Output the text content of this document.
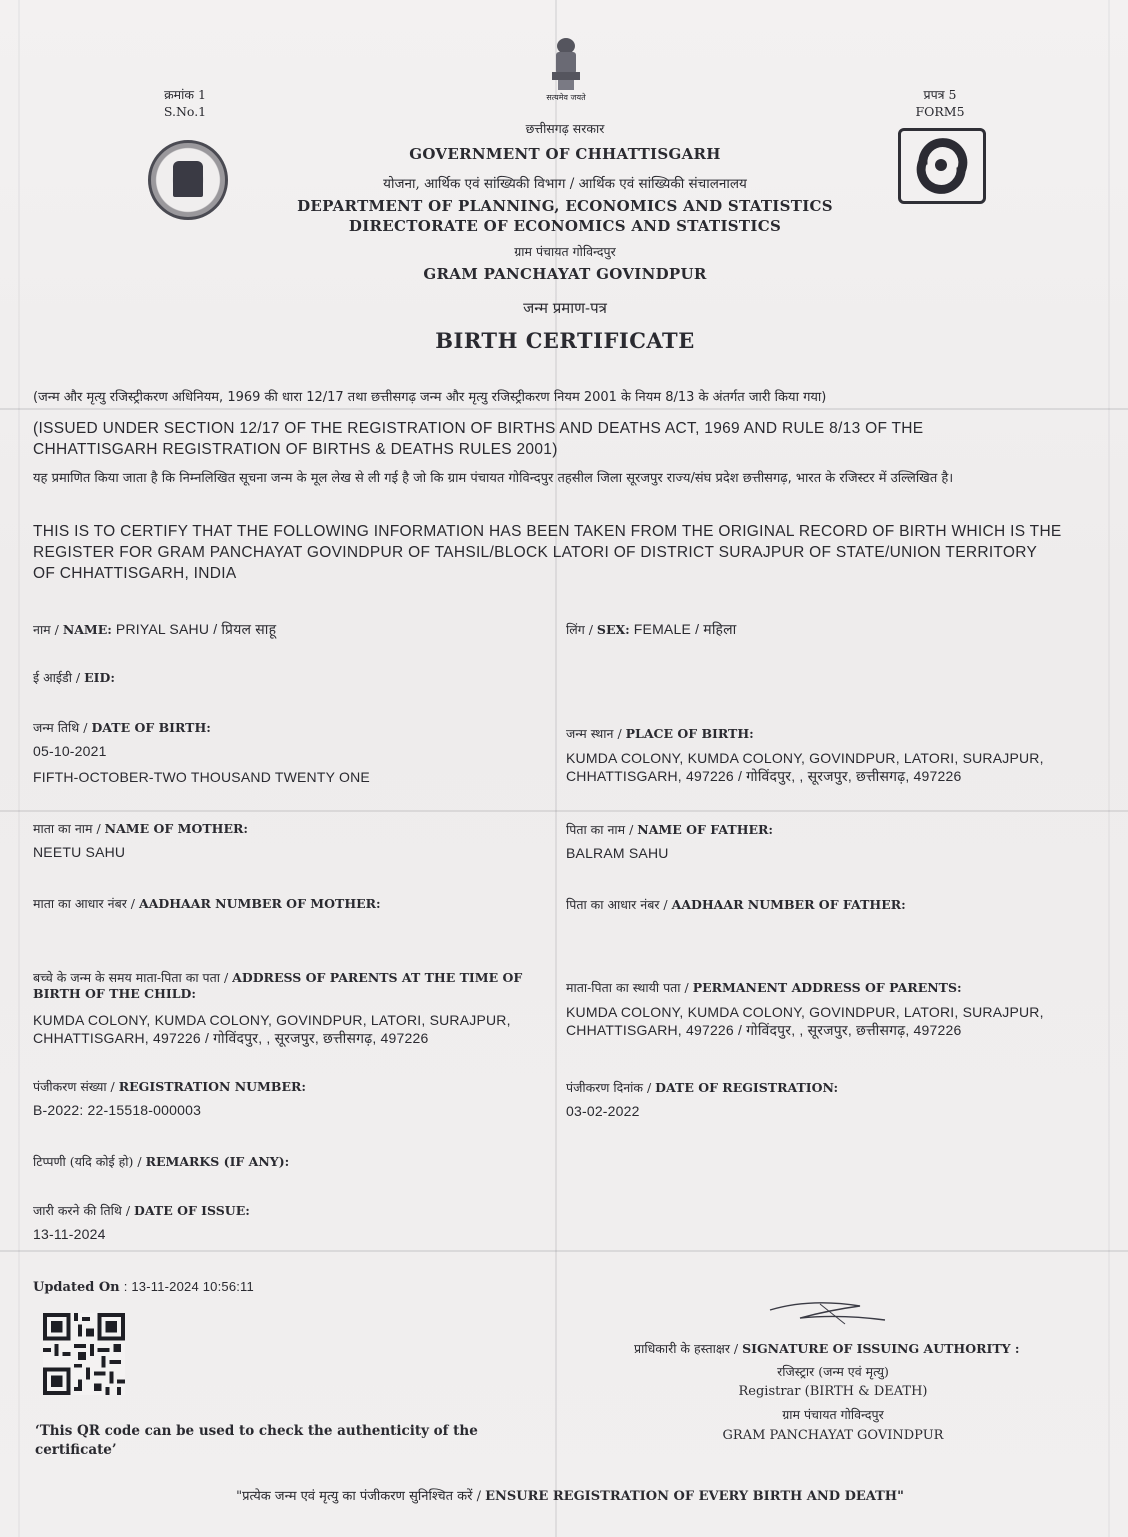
क्रमांक 1
S.No.1
सत्यमेव जयते	प्रपत्र 5
FORM5
छत्तीसगढ़ सरकार
GOVERNMENT OF CHHATTISGARH
योजना, आर्थिक एवं सांख्यिकी विभाग / आर्थिक एवं सांख्यिकी संचालनालय
DEPARTMENT OF PLANNING, ECONOMICS AND STATISTICS
DIRECTORATE OF ECONOMICS AND STATISTICS
ग्राम पंचायत गोविन्दपुर
GRAM PANCHAYAT GOVINDPUR
जन्म प्रमाण-पत्र
BIRTH CERTIFICATE
(जन्म और मृत्यु रजिस्ट्रीकरण अधिनियम, 1969 की धारा 12/17 तथा छत्तीसगढ़ जन्म और मृत्यु रजिस्ट्रीकरण नियम 2001 के नियम 8/13 के अंतर्गत जारी किया गया)
(ISSUED UNDER SECTION 12/17 OF THE REGISTRATION OF BIRTHS AND DEATHS ACT, 1969 AND RULE 8/13 OF THE CHHATTISGARH REGISTRATION OF BIRTHS & DEATHS RULES 2001)
यह प्रमाणित किया जाता है कि निम्नलिखित सूचना जन्म के मूल लेख से ली गई है जो कि ग्राम पंचायत गोविन्दपुर तहसील जिला सूरजपुर राज्य/संघ प्रदेश छत्तीसगढ़, भारत के रजिस्टर में उल्लिखित है।
THIS IS TO CERTIFY THAT THE FOLLOWING INFORMATION HAS BEEN TAKEN FROM THE ORIGINAL RECORD OF BIRTH WHICH IS THE REGISTER FOR GRAM PANCHAYAT GOVINDPUR OF TAHSIL/BLOCK LATORI OF DISTRICT SURAJPUR OF STATE/UNION TERRITORY OF CHHATTISGARH, INDIA
नाम / NAME: PRIYAL SAHU / प्रियल साहू	लिंग / SEX: FEMALE / महिला
ई आईडी / EID:
जन्म तिथि / DATE OF BIRTH:
05-10-2021
FIFTH-OCTOBER-TWO THOUSAND TWENTY ONE
जन्म स्थान / PLACE OF BIRTH:
KUMDA COLONY, KUMDA COLONY, GOVINDPUR, LATORI, SURAJPUR, CHHATTISGARH, 497226 / गोविंदपुर, , सूरजपुर, छत्तीसगढ़, 497226
माता का नाम / NAME OF MOTHER:
NEETU SAHU
पिता का नाम / NAME OF FATHER:
BALRAM SAHU
माता का आधार नंबर / AADHAAR NUMBER OF MOTHER:	पिता का आधार नंबर / AADHAAR NUMBER OF FATHER:
बच्चे के जन्म के समय माता-पिता का पता / ADDRESS OF PARENTS AT THE TIME OF BIRTH OF THE CHILD:
KUMDA COLONY, KUMDA COLONY, GOVINDPUR, LATORI, SURAJPUR, CHHATTISGARH, 497226 / गोविंदपुर, , सूरजपुर, छत्तीसगढ़, 497226
माता-पिता का स्थायी पता / PERMANENT ADDRESS OF PARENTS:
KUMDA COLONY, KUMDA COLONY, GOVINDPUR, LATORI, SURAJPUR, CHHATTISGARH, 497226 / गोविंदपुर, , सूरजपुर, छत्तीसगढ़, 497226
पंजीकरण संख्या / REGISTRATION NUMBER:
B-2022: 22-15518-000003
पंजीकरण दिनांक / DATE OF REGISTRATION:
03-02-2022
टिप्पणी (यदि कोई हो) / REMARKS (IF ANY):
जारी करने की तिथि / DATE OF ISSUE:
13-11-2024
Updated On : 13-11-2024 10:56:11
‘This QR code can be used to check the authenticity of the certificate’
प्राधिकारी के हस्ताक्षर / SIGNATURE OF ISSUING AUTHORITY :
रजिस्ट्रार (जन्म एवं मृत्यु)
Registrar (BIRTH & DEATH)
ग्राम पंचायत गोविन्दपुर
GRAM PANCHAYAT GOVINDPUR
"प्रत्येक जन्म एवं मृत्यु का पंजीकरण सुनिश्चित करें / ENSURE REGISTRATION OF EVERY BIRTH AND DEATH"
